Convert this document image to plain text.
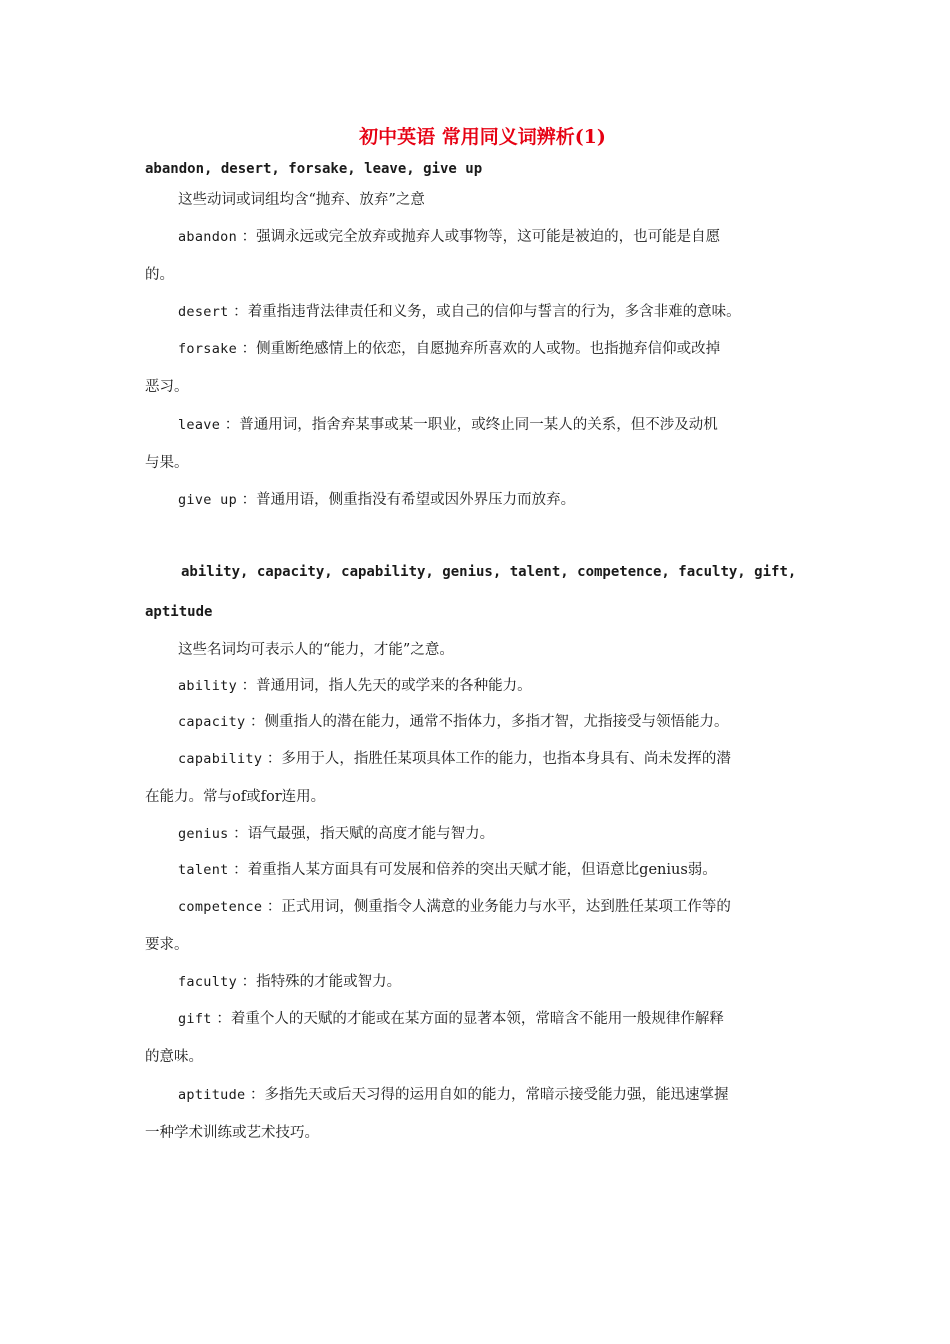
初中英语 常用同义词辨析(1)
abandon, desert, forsake, leave, give up
这些动词或词组均含“抛弃、放弃”之意
abandon ：强调永远或完全放弃或抛弃人或事物等，这可能是被迫的，也可能是自愿
的。
desert ：着重指违背法律责任和义务，或自己的信仰与誓言的行为，多含非难的意味。
forsake ：侧重断绝感情上的依恋，自愿抛弃所喜欢的人或物。也指抛弃信仰或改掉
恶习。
leave ：普通用词，指舍弃某事或某一职业，或终止同一某人的关系，但不涉及动机
与果。
give up ：普通用语，侧重指没有希望或因外界压力而放弃。
ability, capacity, capability, genius, talent, competence, faculty, gift,
aptitude
这些名词均可表示人的“能力，才能”之意。
ability ：普通用词，指人先天的或学来的各种能力。
capacity ：侧重指人的潜在能力，通常不指体力，多指才智，尤指接受与领悟能力。
capability ：多用于人，指胜任某项具体工作的能力，也指本身具有、尚未发挥的潜
在能力。常与of或for连用。
genius ：语气最强，指天赋的高度才能与智力。
talent ：着重指人某方面具有可发展和倍养的突出天赋才能，但语意比genius弱。
competence ：正式用词，侧重指令人满意的业务能力与水平，达到胜任某项工作等的
要求。
faculty ：指特殊的才能或智力。
gift ：着重个人的天赋的才能或在某方面的显著本领，常暗含不能用一般规律作解释
的意味。
aptitude ：多指先天或后天习得的运用自如的能力，常暗示接受能力强，能迅速掌握
一种学术训练或艺术技巧。
